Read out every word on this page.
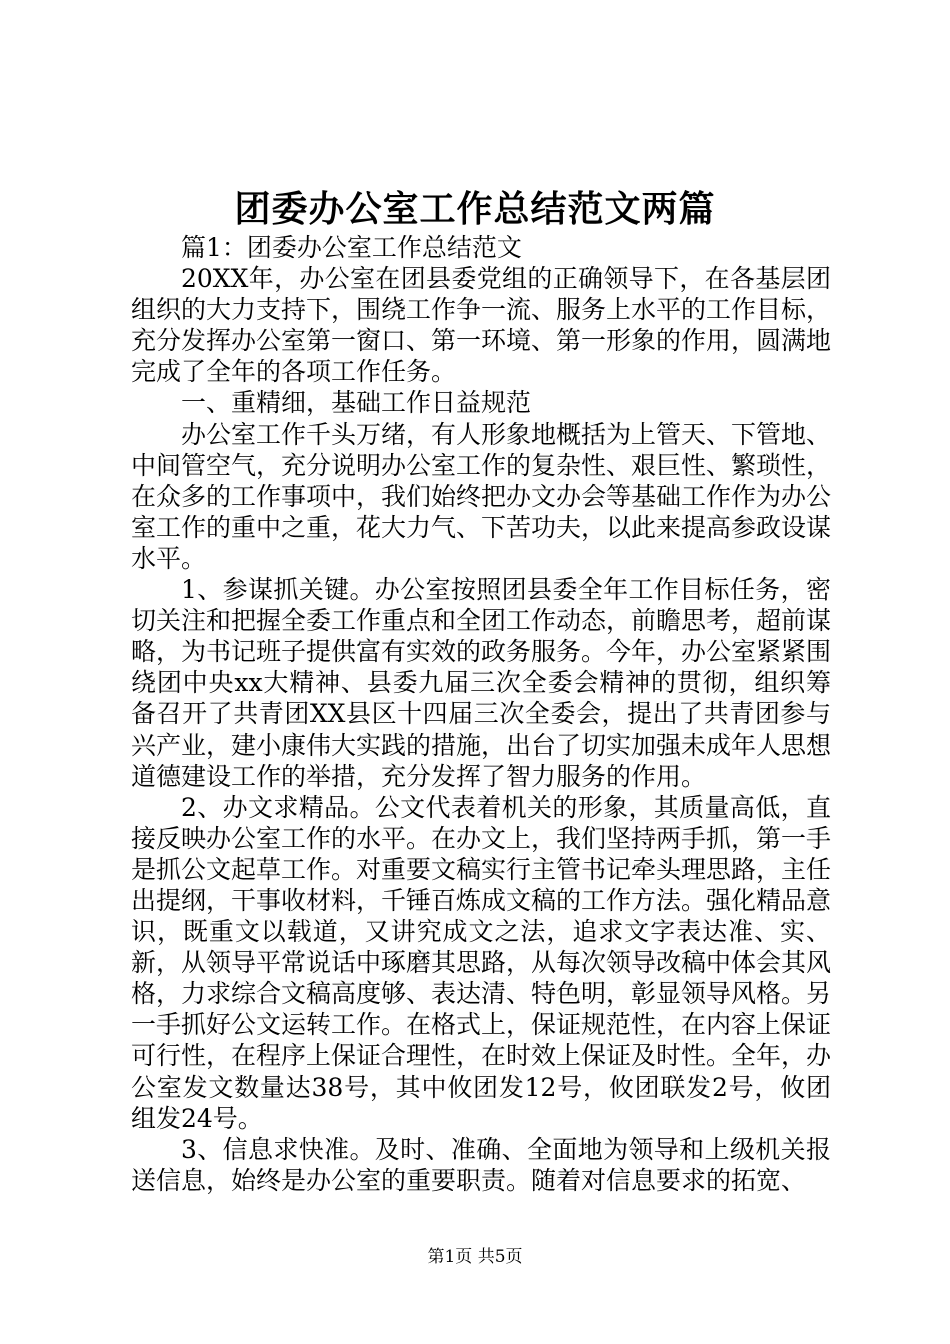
团委办公室工作总结范文两篇

篇1：团委办公室工作总结范文

20XX年，办公室在团县委党组的正确领导下，在各基层团组织的大力支持下，围绕工作争一流、服务上水平的工作目标，充分发挥办公室第一窗口、第一环境、第一形象的作用，圆满地完成了全年的各项工作任务。

一、重精细，基础工作日益规范

办公室工作千头万绪，有人形象地概括为上管天、下管地、中间管空气，充分说明办公室工作的复杂性、艰巨性、繁琐性，在众多的工作事项中，我们始终把办文办会等基础工作作为办公室工作的重中之重，花大力气、下苦功夫，以此来提高参政设谋水平。

1、参谋抓关键。办公室按照团县委全年工作目标任务，密切关注和把握全委工作重点和全团工作动态，前瞻思考，超前谋略，为书记班子提供富有实效的政务服务。今年，办公室紧紧围绕团中央xx大精神、县委九届三次全委会精神的贯彻，组织筹备召开了共青团XX县区十四届三次全委会，提出了共青团参与兴产业，建小康伟大实践的措施，出台了切实加强未成年人思想道德建设工作的举措，充分发挥了智力服务的作用。

2、办文求精品。公文代表着机关的形象，其质量高低，直接反映办公室工作的水平。在办文上，我们坚持两手抓，第一手是抓公文起草工作。对重要文稿实行主管书记牵头理思路，主任出提纲，干事收材料，千锤百炼成文稿的工作方法。强化精品意识，既重文以载道，又讲究成文之法，追求文字表达准、实、新，从领导平常说话中琢磨其思路，从每次领导改稿中体会其风格，力求综合文稿高度够、表达清、特色明，彰显领导风格。另一手抓好公文运转工作。在格式上，保证规范性，在内容上保证可行性，在程序上保证合理性，在时效上保证及时性。全年，办公室发文数量达38号，其中攸团发12号，攸团联发2号，攸团组发24号。

3、信息求快准。及时、准确、全面地为领导和上级机关报送信息，始终是办公室的重要职责。随着对信息要求的拓宽、

第1页 共5页
